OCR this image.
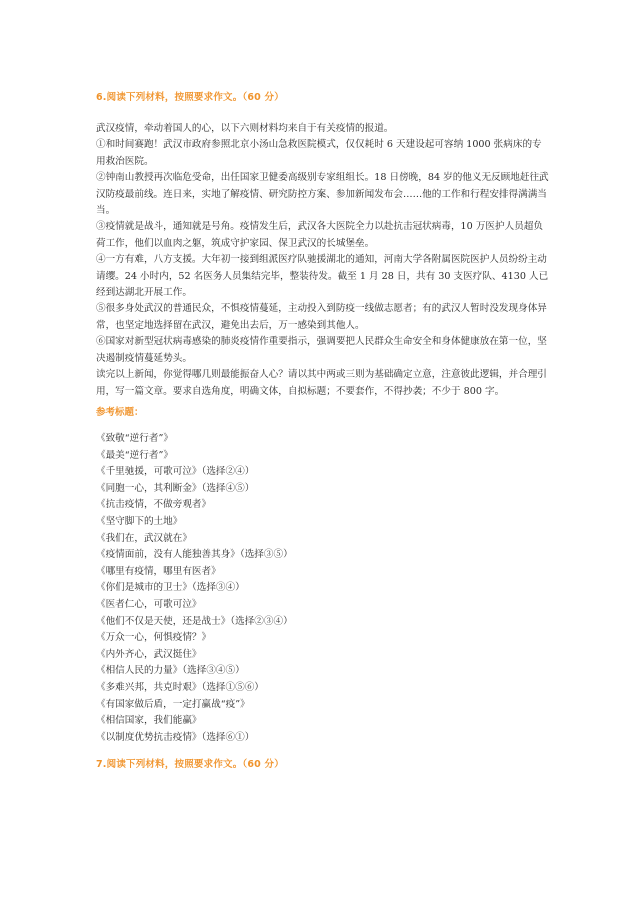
6.阅读下列材料，按照要求作文。（60 分）

武汉疫情，牵动着国人的心，以下六则材料均来自于有关疫情的报道。

①和时间赛跑！武汉市政府参照北京小汤山急救医院模式，仅仅耗时 6 天建设起可容纳 1000 张病床的专用救治医院。

②钟南山教授再次临危受命，出任国家卫健委高级别专家组组长。18 日傍晚，84 岁的他义无反顾地赶往武汉防疫最前线。连日来，实地了解疫情、研究防控方案、参加新闻发布会……他的工作和行程安排得满满当当。

③疫情就是战斗，通知就是号角。疫情发生后，武汉各大医院全力以赴抗击冠状病毒，10 万医护人员超负荷工作，他们以血肉之躯，筑成守护家园、保卫武汉的长城堡垒。

④一方有难，八方支援。大年初一接到组派医疗队驰援湖北的通知，河南大学各附属医院医护人员纷纷主动请缨。24 小时内，52 名医务人员集结完毕，整装待发。截至 1 月 28 日，共有 30 支医疗队、4130 人已经到达湖北开展工作。

⑤很多身处武汉的普通民众，不惧疫情蔓延，主动投入到防疫一线做志愿者；有的武汉人暂时没发现身体异常，也坚定地选择留在武汉，避免出去后，万一感染到其他人。

⑥国家对新型冠状病毒感染的肺炎疫情作重要指示，强调要把人民群众生命安全和身体健康放在第一位，坚决遏制疫情蔓延势头。

读完以上新闻，你觉得哪几则最能振奋人心？请以其中两或三则为基础确定立意，注意彼此逻辑，并合理引用，写一篇文章。要求自选角度，明确文体，自拟标题；不要套作，不得抄袭；不少于 800 字。

参考标题：
《致敬“逆行者”》
《最美“逆行者”》
《千里驰援，可歌可泣》（选择②④）
《同胞一心，其利断金》（选择④⑤）
《抗击疫情，不做旁观者》
《坚守脚下的土地》
《我们在，武汉就在》
《疫情面前，没有人能独善其身》（选择③⑤）
《哪里有疫情，哪里有医者》
《你们是城市的卫士》（选择③④）
《医者仁心，可歌可泣》
《他们不仅是天使，还是战士》（选择②③④）
《万众一心，何惧疫情？》
《内外齐心，武汉挺住》
《相信人民的力量》（选择③④⑤）
《多难兴邦，共克时艰》（选择①⑤⑥）
《有国家做后盾，一定打赢战“疫”》
《相信国家，我们能赢》
《以制度优势抗击疫情》（选择⑥①）
7.阅读下列材料，按照要求作文。（60 分）
